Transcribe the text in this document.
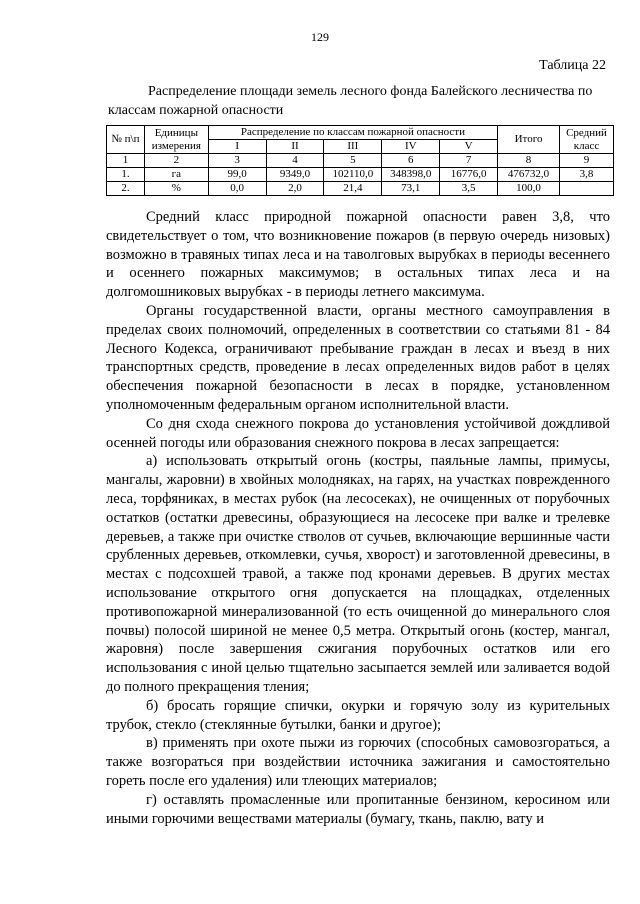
129
Таблица 22
Распределение площади земель лесного фонда Балейского лесничества по классам пожарной опасности
№ п\п	Единицы измерения	Распределение по классам пожарной опасности					Итого	Средний класс
		I	II	III	IV	V		
1	2	3	4	5	6	7	8	9
1.	га	99,0	9349,0	102110,0	348398,0	16776,0	476732,0	3,8
2.	%	0,0	2,0	21,4	73,1	3,5	100,0	

Средний класс природной пожарной опасности равен 3,8, что свидетельствует о том, что возникновение пожаров (в первую очередь низовых) возможно в травяных типах леса и на таволговых вырубках в периоды весеннего и осеннего пожарных максимумов; в остальных типах леса и на долгомошниковых вырубках - в периоды летнего максимума.

Органы государственной власти, органы местного самоуправления в пределах своих полномочий, определенных в соответствии со статьями 81 - 84 Лесного Кодекса, ограничивают пребывание граждан в лесах и въезд в них транспортных средств, проведение в лесах определенных видов работ в целях обеспечения пожарной безопасности в лесах в порядке, установленном уполномоченным федеральным органом исполнительной власти.

Со дня схода снежного покрова до установления устойчивой дождливой осенней погоды или образования снежного покрова в лесах запрещается:

а) использовать открытый огонь (костры, паяльные лампы, примусы, мангалы, жаровни) в хвойных молодняках, на гарях, на участках поврежденного леса, торфяниках, в местах рубок (на лесосеках), не очищенных от порубочных остатков (остатки древесины, образующиеся на лесосеке при валке и трелевке деревьев, а также при очистке стволов от сучьев, включающие вершинные части срубленных деревьев, откомлевки, сучья, хворост) и заготовленной древесины, в местах с подсохшей травой, а также под кронами деревьев. В других местах использование открытого огня допускается на площадках, отделенных противопожарной минерализованной (то есть очищенной до минерального слоя почвы) полосой шириной не менее 0,5 метра. Открытый огонь (костер, мангал, жаровня) после завершения сжигания порубочных остатков или его использования с иной целью тщательно засыпается землей или заливается водой до полного прекращения тления;

б) бросать горящие спички, окурки и горячую золу из курительных трубок, стекло (стеклянные бутылки, банки и другое);

в) применять при охоте пыжи из горючих (способных самовозгораться, а также возгораться при воздействии источника зажигания и самостоятельно гореть после его удаления) или тлеющих материалов;

г) оставлять промасленные или пропитанные бензином, керосином или иными горючими веществами материалы (бумагу, ткань, паклю, вату и
